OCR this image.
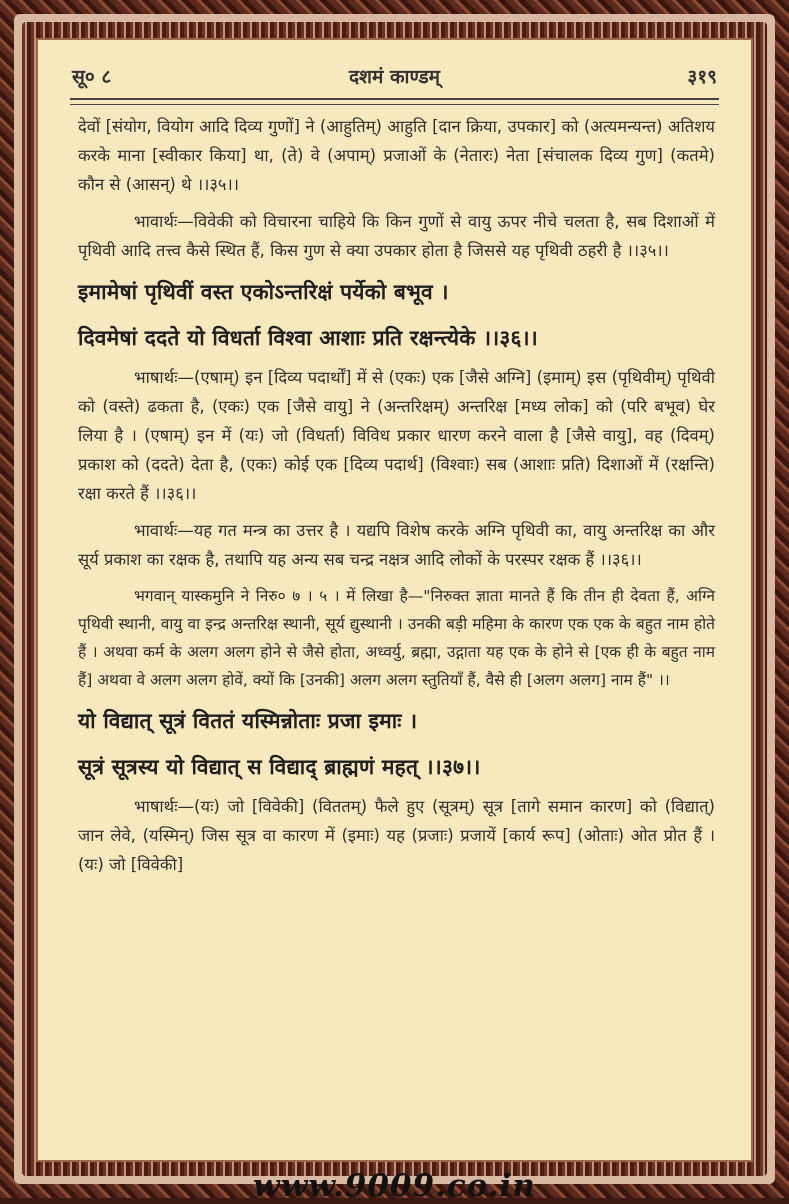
सू० ८	दशमं काण्डम्	३१९

देवों [संयोग, वियोग आदि दिव्य गुणों] ने (आहुतिम्) आहुति [दान क्रिया, उपकार] को (अत्यमन्यन्त) अतिशय करके माना [स्वीकार किया] था, (ते) वे (अपाम्) प्रजाओं के (नेतारः) नेता [संचालक दिव्य गुण] (कतमे) कौन से (आसन्) थे ।।३५।।

भावार्थः—विवेकी को विचारना चाहिये कि किन गुणों से वायु ऊपर नीचे चलता है, सब दिशाओं में पृथिवी आदि तत्त्व कैसे स्थित हैं, किस गुण से क्या उपकार होता है जिससे यह पृथिवी ठहरी है ।।३५।।

इमामेषां पृथिवीं वस्त एकोऽन्तरिक्षं पर्येको बभूव ।
दिवमेषां ददते यो विधर्ता विश्वा आशाः प्रति रक्षन्त्येके ।।३६।।

भाषार्थः—(एषाम्) इन [दिव्य पदार्थों] में से (एकः) एक [जैसे अग्नि] (इमाम्) इस (पृथिवीम्) पृथिवी को (वस्ते) ढकता है, (एकः) एक [जैसे वायु] ने (अन्तरिक्षम्) अन्तरिक्ष [मध्य लोक] को (परि बभूव) घेर लिया है । (एषाम्) इन में (यः) जो (विधर्ता) विविध प्रकार धारण करने वाला है [जैसे वायु], वह (दिवम्) प्रकाश को (ददते) देता है, (एकः) कोई एक [दिव्य पदार्थ] (विश्वाः) सब (आशाः प्रति) दिशाओं में (रक्षन्ति) रक्षा करते हैं ।।३६।।

भावार्थः—यह गत मन्त्र का उत्तर है । यद्यपि विशेष करके अग्नि पृथिवी का, वायु अन्तरिक्ष का और सूर्य प्रकाश का रक्षक है, तथापि यह अन्य सब चन्द्र नक्षत्र आदि लोकों के परस्पर रक्षक हैं ।।३६।।

भगवान् यास्कमुनि ने निरु० ७ । ५ । में लिखा है—"निरुक्त ज्ञाता मानते हैं कि तीन ही देवता हैं, अग्नि पृथिवी स्थानी, वायु वा इन्द्र अन्तरिक्ष स्थानी, सूर्य द्युस्थानी । उनकी बड़ी महिमा के कारण एक एक के बहुत नाम होते हैं । अथवा कर्म के अलग अलग होने से जैसे होता, अध्वर्यु, ब्रह्मा, उद्गाता यह एक के होने से [एक ही के बहुत नाम हैं] अथवा वे अलग अलग होवें, क्यों कि [उनकी] अलग अलग स्तुतियाँ हैं, वैसे ही [अलग अलग] नाम हैं" ।।

यो विद्यात् सूत्रं विततं यस्मिन्नोताः प्रजा इमाः ।
सूत्रं सूत्रस्य यो विद्यात् स विद्याद् ब्राह्मणं महत् ।।३७।।

भाषार्थः—(यः) जो [विवेकी] (विततम्) फैले हुए (सूत्रम्) सूत्र [तागे समान कारण] को (विद्यात्) जान लेवे, (यस्मिन्) जिस सूत्र वा कारण में (इमाः) यह (प्रजाः) प्रजायें [कार्य रूप] (ओताः) ओत प्रोत हैं । (यः) जो [विवेकी]

www.9009.co.in
